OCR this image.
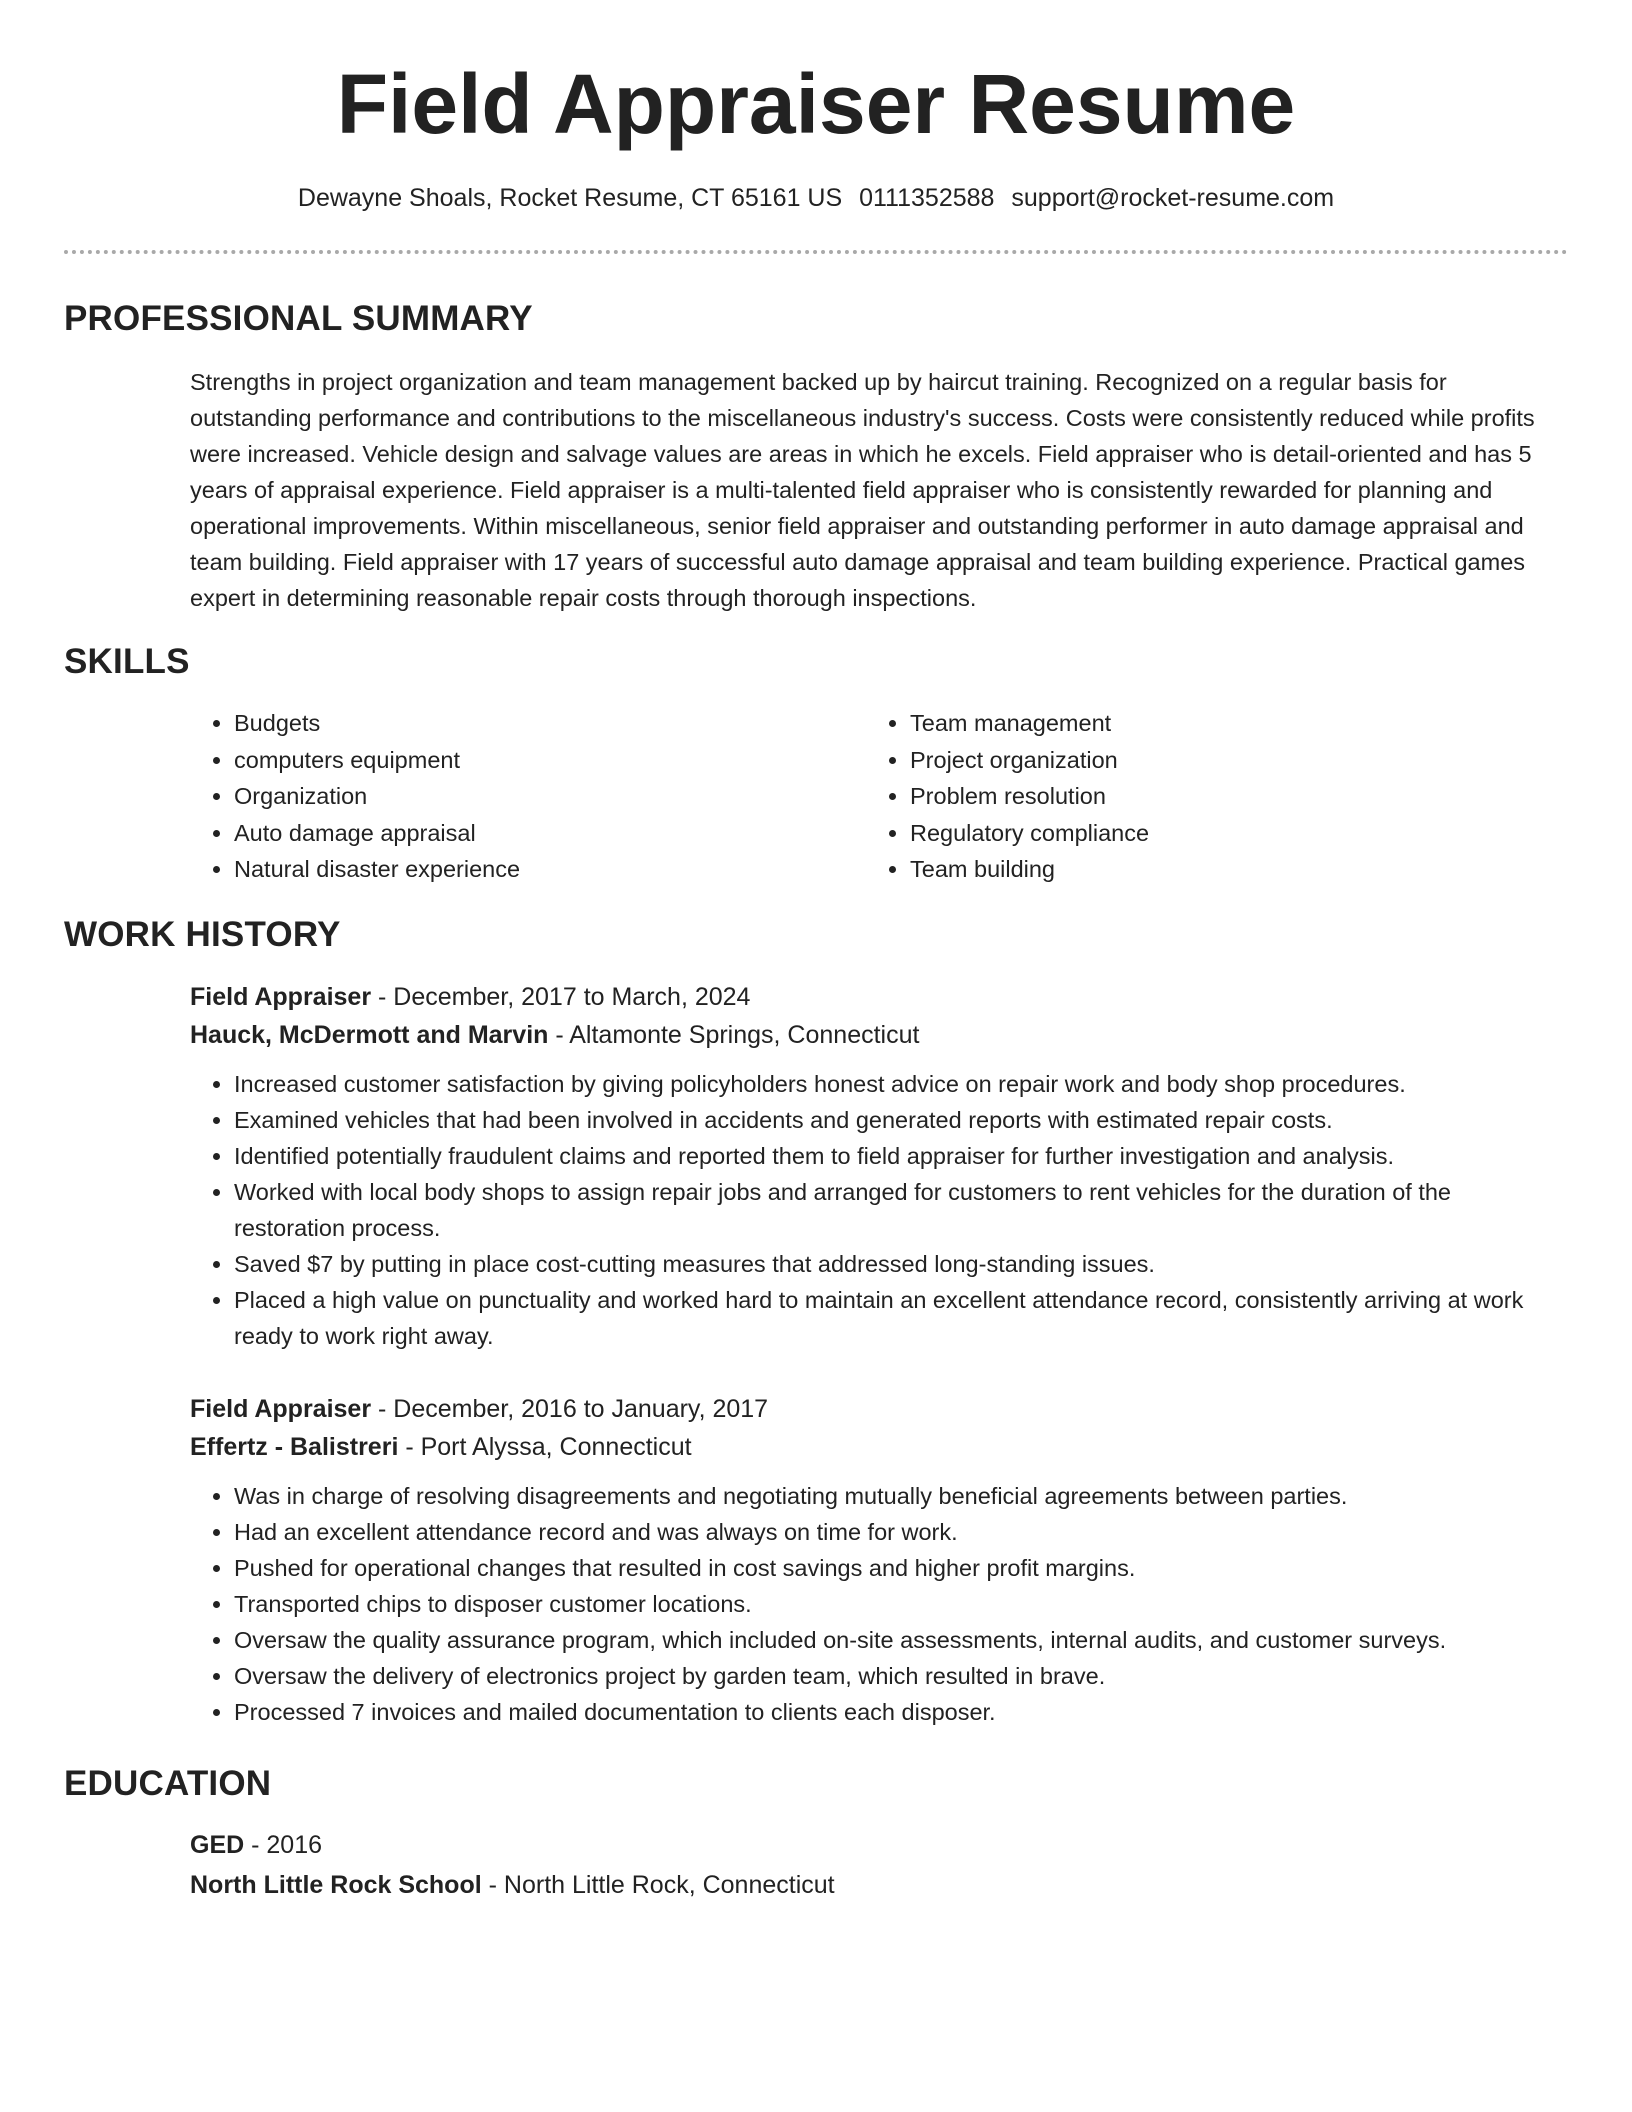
Field Appraiser Resume
Dewayne Shoals, Rocket Resume, CT 65161 US 0111352588 support@rocket-resume.com
PROFESSIONAL SUMMARY

Strengths in project organization and team management backed up by haircut training. Recognized on a regular basis for outstanding performance and contributions to the miscellaneous industry's success. Costs were consistently reduced while profits were increased. Vehicle design and salvage values are areas in which he excels. Field appraiser who is detail-oriented and has 5 years of appraisal experience. Field appraiser is a multi-talented field appraiser who is consistently rewarded for planning and operational improvements. Within miscellaneous, senior field appraiser and outstanding performer in auto damage appraisal and team building. Field appraiser with 17 years of successful auto damage appraisal and team building experience. Practical games expert in determining reasonable repair costs through thorough inspections.

SKILLS
• Budgets
• computers equipment
• Organization
• Auto damage appraisal
• Natural disaster experience
• Team management
• Project organization
• Problem resolution
• Regulatory compliance
• Team building
WORK HISTORY

Field Appraiser - December, 2017 to March, 2024

Hauck, McDermott and Marvin - Altamonte Springs, Connecticut

• Increased customer satisfaction by giving policyholders honest advice on repair work and body shop procedures.
• Examined vehicles that had been involved in accidents and generated reports with estimated repair costs.
• Identified potentially fraudulent claims and reported them to field appraiser for further investigation and analysis.
• Worked with local body shops to assign repair jobs and arranged for customers to rent vehicles for the duration of the restoration process.
• Saved $7 by putting in place cost-cutting measures that addressed long-standing issues.
• Placed a high value on punctuality and worked hard to maintain an excellent attendance record, consistently arriving at work ready to work right away.

Field Appraiser - December, 2016 to January, 2017

Effertz - Balistreri - Port Alyssa, Connecticut

• Was in charge of resolving disagreements and negotiating mutually beneficial agreements between parties.
• Had an excellent attendance record and was always on time for work.
• Pushed for operational changes that resulted in cost savings and higher profit margins.
• Transported chips to disposer customer locations.
• Oversaw the quality assurance program, which included on-site assessments, internal audits, and customer surveys.
• Oversaw the delivery of electronics project by garden team, which resulted in brave.
• Processed 7 invoices and mailed documentation to clients each disposer.
EDUCATION

GED - 2016

North Little Rock School - North Little Rock, Connecticut
